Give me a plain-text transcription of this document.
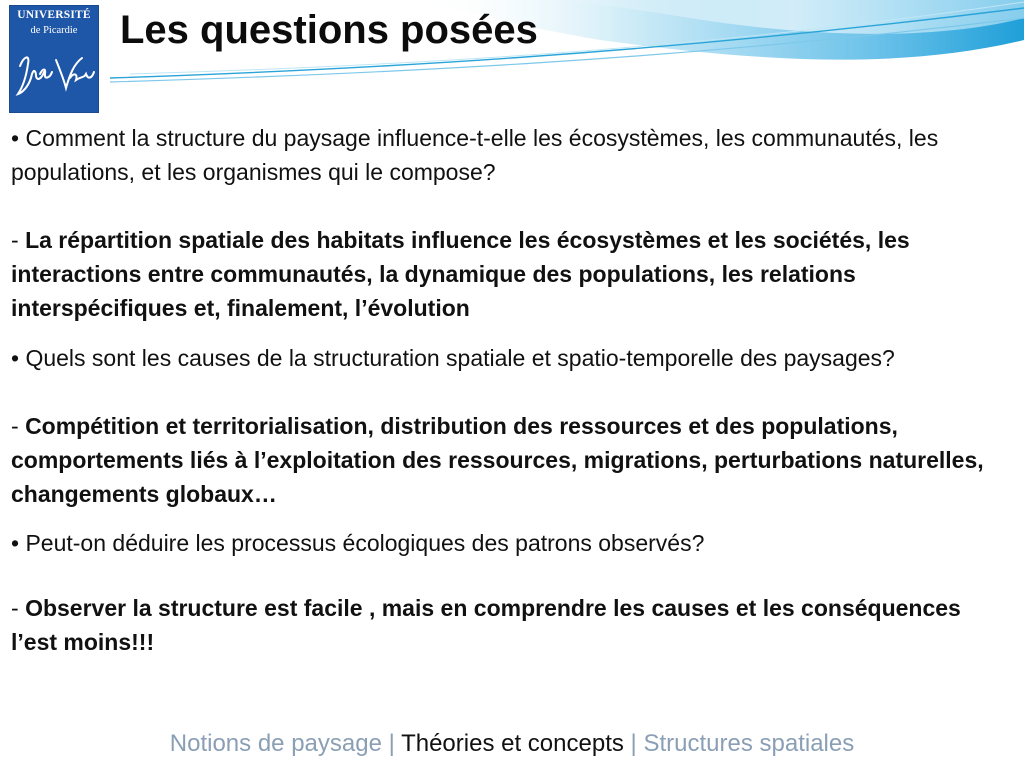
UNIVERSITÉ
de Picardie	Les questions posées

• Comment la structure du paysage influence-t-elle les écosystèmes, les communautés, les populations, et les organismes qui le compose?

- La répartition spatiale des habitats influence les écosystèmes et les sociétés, les interactions entre communautés, la dynamique des populations, les relations interspécifiques et, finalement, l’évolution

• Quels sont les causes de la structuration spatiale et spatio-temporelle des paysages?

- Compétition et territorialisation, distribution des ressources et des populations, comportements liés à l’exploitation des ressources, migrations, perturbations naturelles, changements globaux…

• Peut-on déduire les processus écologiques des patrons observés?

- Observer la structure est facile , mais en comprendre les causes et les conséquences l’est moins!!!

Notions de paysage | Théories et concepts | Structures spatiales
